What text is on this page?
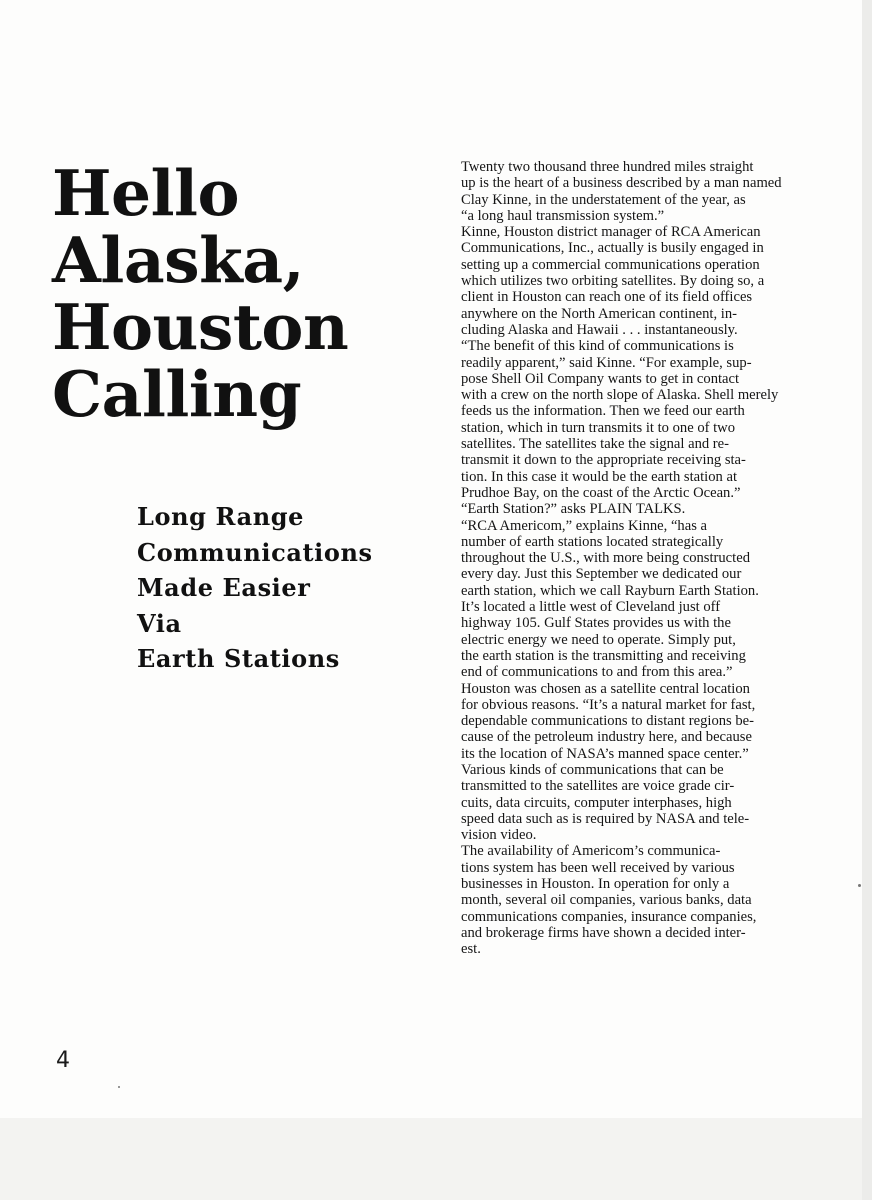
Hello
Alaska,
Houston
Calling
Long Range
Communications
Made Easier
Via
Earth Stations

Twenty two thousand three hundred miles straight
up is the heart of a business described by a man named
Clay Kinne, in the understatement of the year, as
“a long haul transmission system.”

Kinne, Houston district manager of RCA American
Communications, Inc., actually is busily engaged in
setting up a commercial communications operation
which utilizes two orbiting satellites. By doing so, a
client in Houston can reach one of its field offices
anywhere on the North American continent, in-
cluding Alaska and Hawaii . . . instantaneously.

“The benefit of this kind of communications is
readily apparent,” said Kinne. “For example, sup-
pose Shell Oil Company wants to get in contact
with a crew on the north slope of Alaska. Shell merely
feeds us the information. Then we feed our earth
station, which in turn transmits it to one of two
satellites. The satellites take the signal and re-
transmit it down to the appropriate receiving sta-
tion. In this case it would be the earth station at
Prudhoe Bay, on the coast of the Arctic Ocean.”

“Earth Station?” asks PLAIN TALKS.

“RCA Americom,” explains Kinne, “has a
number of earth stations located strategically
throughout the U.S., with more being constructed
every day. Just this September we dedicated our
earth station, which we call Rayburn Earth Station.
It’s located a little west of Cleveland just off
highway 105. Gulf States provides us with the
electric energy we need to operate. Simply put,
the earth station is the transmitting and receiving
end of communications to and from this area.”

Houston was chosen as a satellite central location
for obvious reasons. “It’s a natural market for fast,
dependable communications to distant regions be-
cause of the petroleum industry here, and because
its the location of NASA’s manned space center.”

Various kinds of communications that can be
transmitted to the satellites are voice grade cir-
cuits, data circuits, computer interphases, high
speed data such as is required by NASA and tele-
vision video.

The availability of Americom’s communica-
tions system has been well received by various
businesses in Houston. In operation for only a
month, several oil companies, various banks, data
communications companies, insurance companies,
and brokerage firms have shown a decided inter-
est.

4
